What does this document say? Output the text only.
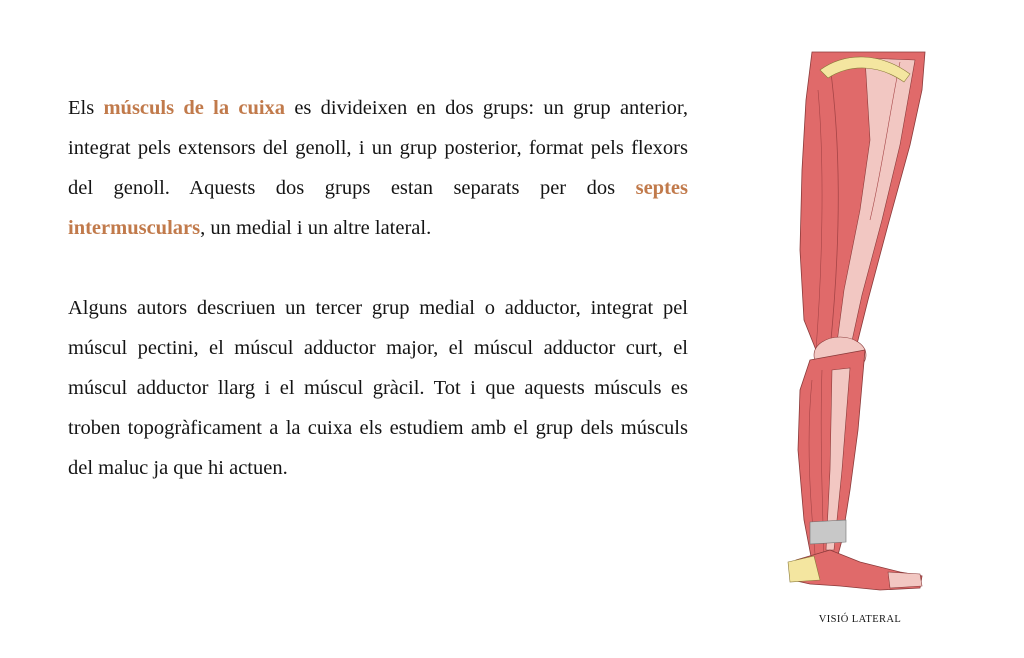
Els músculs de la cuixa es divideixen en dos grups: un grup anterior, integrat pels extensors del genoll, i un grup posterior, format pels flexors del genoll. Aquests dos grups estan separats per dos septes intermusculars, un medial i un altre lateral.

Alguns autors descriuen un tercer grup medial o adductor, integrat pel múscul pectini, el múscul adductor major, el múscul adductor curt, el múscul adductor llarg i el múscul gràcil. Tot i que aquests músculs es troben topogràficament a la cuixa els estudiem amb el grup dels músculs del maluc ja que hi actuen.

VISIÓ LATERAL
